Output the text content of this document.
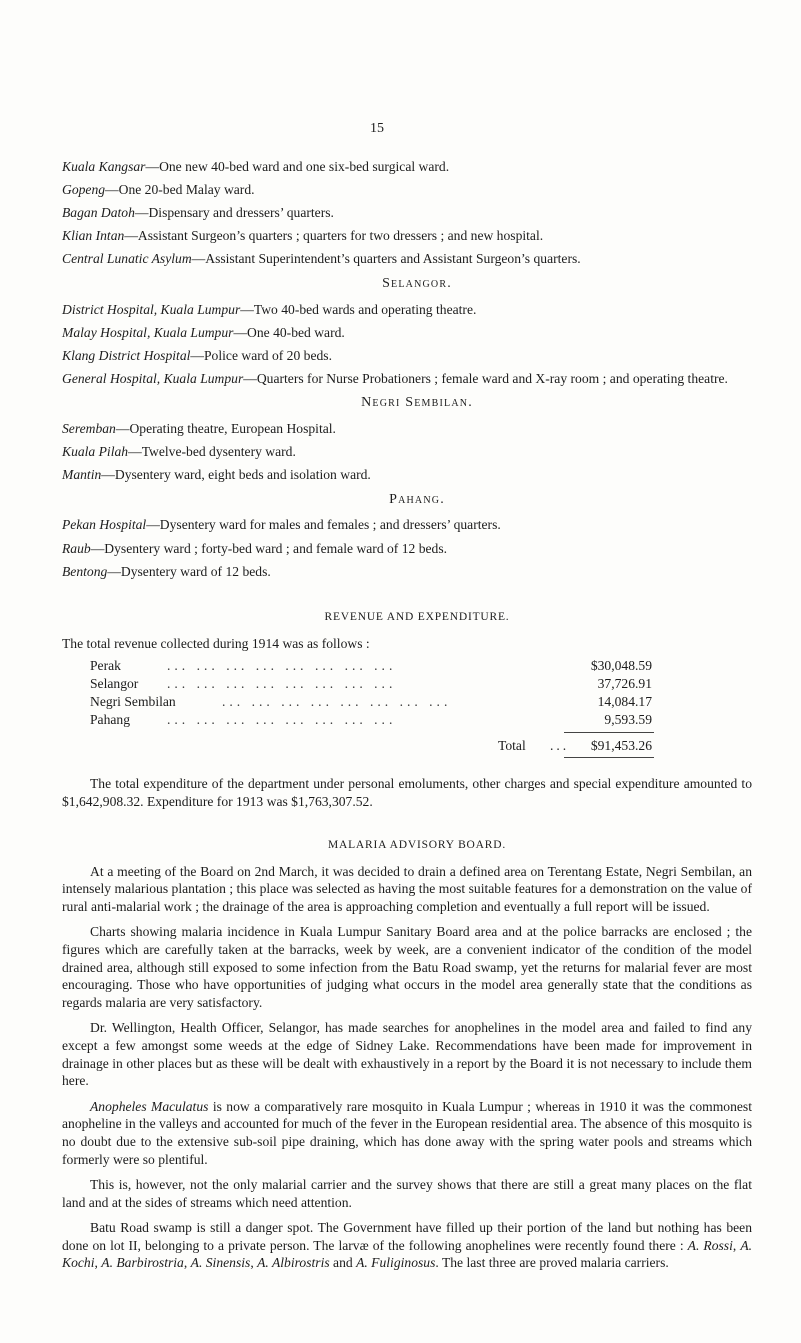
15
Kuala Kangsar—One new 40-bed ward and one six-bed surgical ward.
Gopeng—One 20-bed Malay ward.
Bagan Datoh—Dispensary and dressers’ quarters.
Klian Intan—Assistant Surgeon’s quarters ; quarters for two dressers ; and new hospital.
Central Lunatic Asylum—Assistant Superintendent’s quarters and Assistant Surgeon’s quarters.
Selangor.
District Hospital, Kuala Lumpur—Two 40-bed wards and operating theatre.
Malay Hospital, Kuala Lumpur—One 40-bed ward.
Klang District Hospital—Police ward of 20 beds.
General Hospital, Kuala Lumpur—Quarters for Nurse Probationers ; female ward and X-ray room ; and operating theatre.
Negri Sembilan.
Seremban—Operating theatre, European Hospital.
Kuala Pilah—Twelve-bed dysentery ward.
Mantin—Dysentery ward, eight beds and isolation ward.
Pahang.
Pekan Hospital—Dysentery ward for males and females ; and dressers’ quarters.
Raub—Dysentery ward ; forty-bed ward ; and female ward of 12 beds.
Bentong—Dysentery ward of 12 beds.
REVENUE AND EXPENDITURE.
The total revenue collected during 1914 was as follows :
Perak	... ... ... ... ... ... ... ...	$30,048.59
Selangor ... ... ... ... ... ... ... ...	37,726.91
Negri Sembilan	... ... ... ... ... ... ... ...	14,084.17
Pahang	... ... ... ... ... ... ... ...	9,593.59
Total ... $91,453.26
The total expenditure of the department under personal emoluments, other charges and special expenditure amounted to $1,642,908.32. Expenditure for 1913 was $1,763,307.52.
MALARIA ADVISORY BOARD.
At a meeting of the Board on 2nd March, it was decided to drain a defined area on Terentang Estate, Negri Sembilan, an intensely malarious plantation ; this place was selected as having the most suitable features for a demonstration on the value of rural anti-malarial work ; the drainage of the area is approaching completion and eventually a full report will be issued.
Charts showing malaria incidence in Kuala Lumpur Sanitary Board area and at the police barracks are enclosed ; the figures which are carefully taken at the barracks, week by week, are a convenient indicator of the condition of the model drained area, although still exposed to some infection from the Batu Road swamp, yet the returns for malarial fever are most encouraging. Those who have opportunities of judging what occurs in the model area generally state that the conditions as regards malaria are very satisfactory.
Dr. Wellington, Health Officer, Selangor, has made searches for anophelines in the model area and failed to find any except a few amongst some weeds at the edge of Sidney Lake. Recommendations have been made for improvement in drainage in other places but as these will be dealt with exhaustively in a report by the Board it is not necessary to include them here.
Anopheles Maculatus is now a comparatively rare mosquito in Kuala Lumpur ; whereas in 1910 it was the commonest anopheline in the valleys and accounted for much of the fever in the European residential area. The absence of this mosquito is no doubt due to the extensive sub-soil pipe draining, which has done away with the spring water pools and streams which formerly were so plentiful.
This is, however, not the only malarial carrier and the survey shows that there are still a great many places on the flat land and at the sides of streams which need attention.
Batu Road swamp is still a danger spot. The Government have filled up their portion of the land but nothing has been done on lot II, belonging to a private person. The larvæ of the following anophelines were recently found there : A. Rossi, A. Kochi, A. Barbirostria, A. Sinensis, A. Albirostris and A. Fuliginosus. The last three are proved malaria carriers.
